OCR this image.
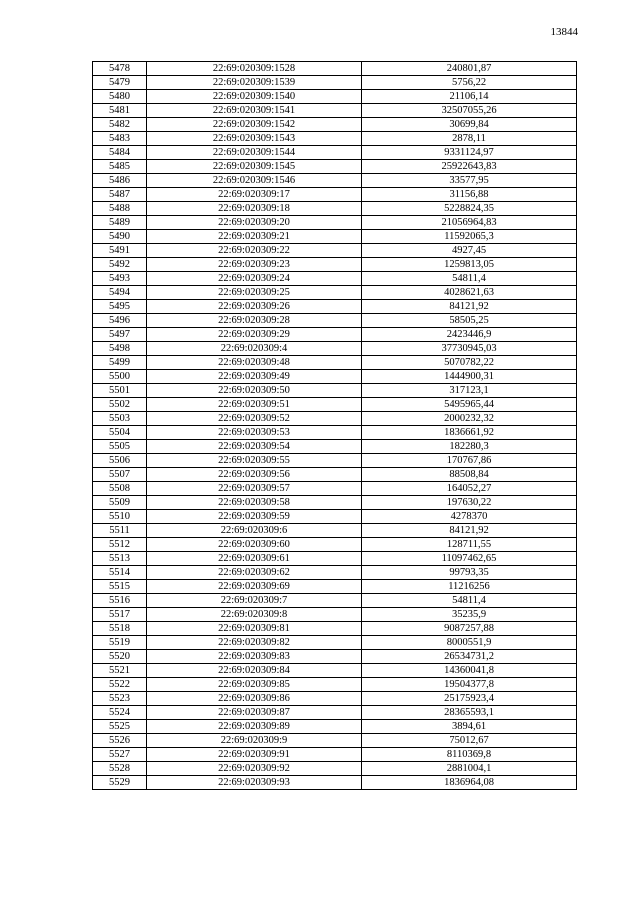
13844
5478	22:69:020309:1528	240801,87
5479	22:69:020309:1539	5756,22
5480	22:69:020309:1540	21106,14
5481	22:69:020309:1541	32507055,26
5482	22:69:020309:1542	30699,84
5483	22:69:020309:1543	2878,11
5484	22:69:020309:1544	9331124,97
5485	22:69:020309:1545	25922643,83
5486	22:69:020309:1546	33577,95
5487	22:69:020309:17	31156,88
5488	22:69:020309:18	5228824,35
5489	22:69:020309:20	21056964,83
5490	22:69:020309:21	11592065,3
5491	22:69:020309:22	4927,45
5492	22:69:020309:23	1259813,05
5493	22:69:020309:24	54811,4
5494	22:69:020309:25	4028621,63
5495	22:69:020309:26	84121,92
5496	22:69:020309:28	58505,25
5497	22:69:020309:29	2423446,9
5498	22:69:020309:4	37730945,03
5499	22:69:020309:48	5070782,22
5500	22:69:020309:49	1444900,31
5501	22:69:020309:50	317123,1
5502	22:69:020309:51	5495965,44
5503	22:69:020309:52	2000232,32
5504	22:69:020309:53	1836661,92
5505	22:69:020309:54	182280,3
5506	22:69:020309:55	170767,86
5507	22:69:020309:56	88508,84
5508	22:69:020309:57	164052,27
5509	22:69:020309:58	197630,22
5510	22:69:020309:59	4278370
5511	22:69:020309:6	84121,92
5512	22:69:020309:60	128711,55
5513	22:69:020309:61	11097462,65
5514	22:69:020309:62	99793,35
5515	22:69:020309:69	11216256
5516	22:69:020309:7	54811,4
5517	22:69:020309:8	35235,9
5518	22:69:020309:81	9087257,88
5519	22:69:020309:82	8000551,9
5520	22:69:020309:83	26534731,2
5521	22:69:020309:84	14360041,8
5522	22:69:020309:85	19504377,8
5523	22:69:020309:86	25175923,4
5524	22:69:020309:87	28365593,1
5525	22:69:020309:89	3894,61
5526	22:69:020309:9	75012,67
5527	22:69:020309:91	8110369,8
5528	22:69:020309:92	2881004,1
5529	22:69:020309:93	1836964,08
